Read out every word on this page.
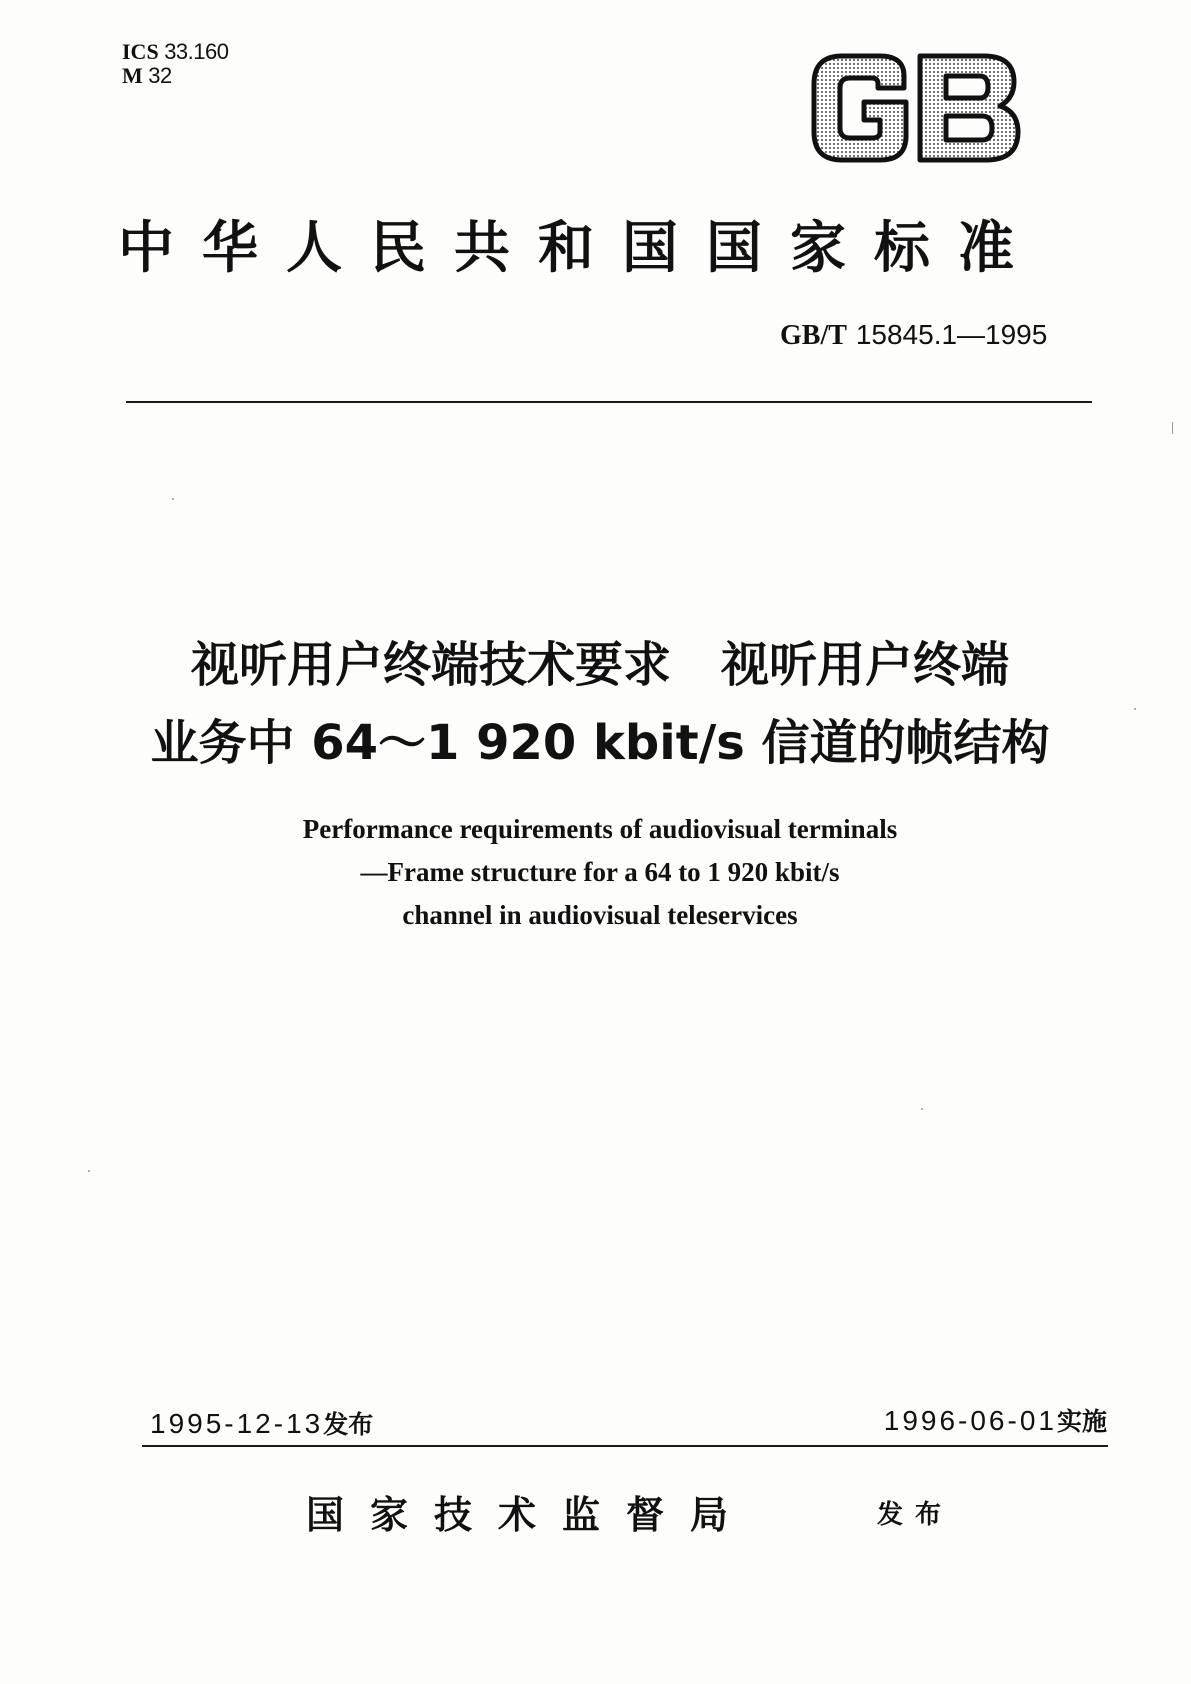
ICS 33.160
M 32
中华人民共和国国家标准
GB/T 15845.1—1995
视听用户终端技术要求 视听用户终端
业务中 64～1 920 kbit/s 信道的帧结构
Performance requirements of audiovisual terminals
—Frame structure for a 64 to 1 920 kbit/s
channel in audiovisual teleservices
1995-12-13发布	1996-06-01实施
国家技术监督局	发布
